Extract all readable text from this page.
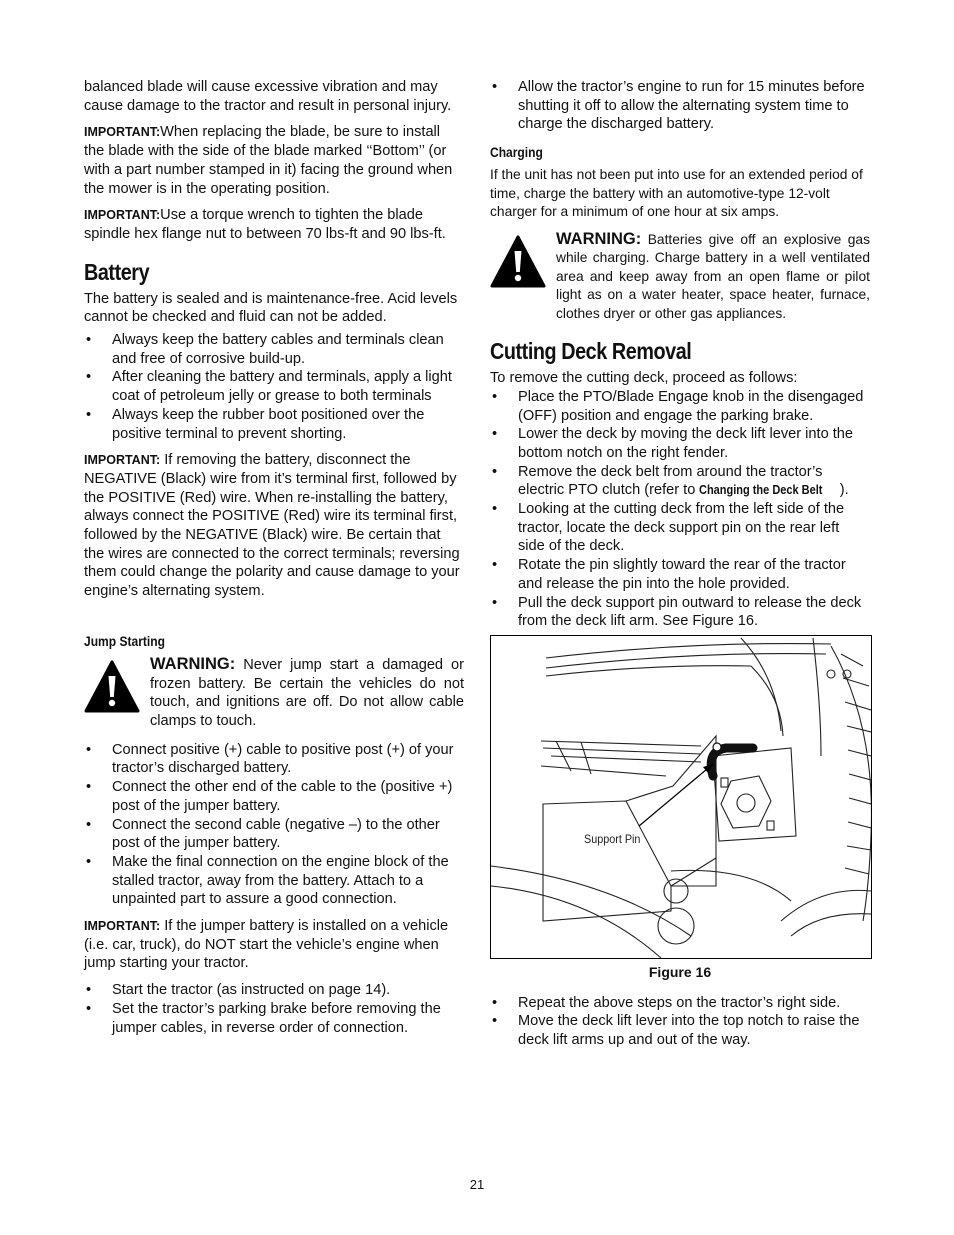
balanced blade will cause excessive vibration and may cause damage to the tractor and result in personal injury.

IMPORTANT:When replacing the blade, be sure to install the blade with the side of the blade marked ‘‘Bottom’’ (or with a part number stamped in it) facing the ground when the mower is in the operating position.

IMPORTANT:Use a torque wrench to tighten the blade spindle hex flange nut to between 70 lbs-ft and 90 lbs-ft.

Battery

The battery is sealed and is maintenance-free. Acid levels cannot be checked and fluid can not be added.

• Always keep the battery cables and terminals clean and free of corrosive build-up.
• After cleaning the battery and terminals, apply a light coat of petroleum jelly or grease to both terminals
• Always keep the rubber boot positioned over the positive terminal to prevent shorting.

IMPORTANT: If removing the battery, disconnect the NEGATIVE (Black) wire from it’s terminal first, followed by the POSITIVE (Red) wire. When re-installing the battery, always connect the POSITIVE (Red) wire its terminal first, followed by the NEGATIVE (Black) wire. Be certain that the wires are connected to the correct terminals; reversing them could change the polarity and cause damage to your engine’s alternating system.

Jump Starting
WARNING: Never jump start a damaged or frozen battery. Be certain the vehicles do not touch, and ignitions are off. Do not allow cable clamps to touch.
• Connect positive (+) cable to positive post (+) of your tractor’s discharged battery.
• Connect the other end of the cable to the (positive +) post of the jumper battery.
• Connect the second cable (negative –) to the other post of the jumper battery.
• Make the final connection on the engine block of the stalled tractor, away from the battery. Attach to a unpainted part to assure a good connection.

IMPORTANT: If the jumper battery is installed on a vehicle (i.e. car, truck), do NOT start the vehicle’s engine when jump starting your tractor.

• Start the tractor (as instructed on page 14).
• Set the tractor’s parking brake before removing the jumper cables, in reverse order of connection.
• Allow the tractor’s engine to run for 15 minutes before shutting it off to allow the alternating system time to charge the discharged battery.
Charging

If the unit has not been put into use for an extended period of time, charge the battery with an automotive-type 12-volt charger for a minimum of one hour at six amps.

WARNING: Batteries give off an explosive gas while charging. Charge battery in a well ventilated area and keep away from an open flame or pilot light as on a water heater, space heater, furnace, clothes dryer or other gas appliances.
Cutting Deck Removal

To remove the cutting deck, proceed as follows:

• Place the PTO/Blade Engage knob in the disengaged (OFF) position and engage the parking brake.
• Lower the deck by moving the deck lift lever into the bottom notch on the right fender.
• Remove the deck belt from around the tractor’s electric PTO clutch (refer to Changing the Deck Belt ).
• Looking at the cutting deck from the left side of the tractor, locate the deck support pin on the rear left side of the deck.
• Rotate the pin slightly toward the rear of the tractor and release the pin into the hole provided.
• Pull the deck support pin outward to release the deck from the deck lift arm. See Figure 16.
Support Pin
Figure 16
• Repeat the above steps on the tractor’s right side.
• Move the deck lift lever into the top notch to raise the deck lift arms up and out of the way.
21
